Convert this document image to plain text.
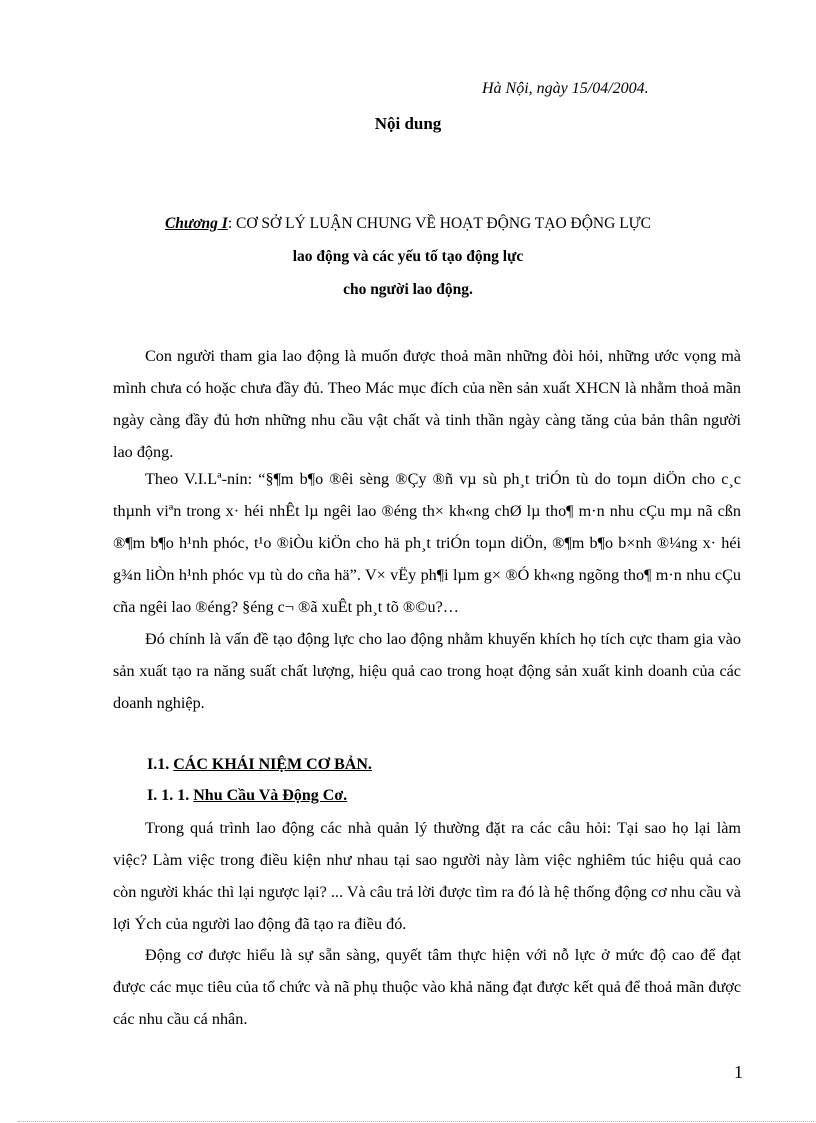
Hà Nội, ngày 15/04/2004.
Nội dung
Chương I: CƠ SỞ LÝ LUẬN CHUNG VỀ HOẠT ĐỘNG TẠO ĐỘNG LỰC
lao động và các yếu tố tạo động lực
cho người lao động.

Con người tham gia lao động là muốn được thoả mãn những đòi hỏi, những ước vọng mà mình chưa có hoặc chưa đầy đủ. Theo Mác mục đích của nền sản xuất XHCN là nhằm thoả mãn ngày càng đầy đủ hơn những nhu cầu vật chất và tinh thần ngày càng tăng của bản thân người lao động.

Theo V.I.Lª-nin: “§¶m b¶o ®êi sèng ®Çy ®ñ vµ sù ph¸t triÓn tù do toµn diÖn cho c¸c thµnh viªn trong x· héi nhÊt lµ ngêi lao ®éng th× kh«ng chØ lµ tho¶ m·n nhu cÇu mµ nã cßn ®¶m b¶o h¹nh phóc, t¹o ®iÒu kiÖn cho hä ph¸t triÓn toµn diÖn, ®¶m b¶o b×nh ®¼ng x· héi g¾n liÒn h¹nh phóc vµ tù do cña hä”. V× vËy ph¶i lµm g× ®Ó kh«ng ngõng tho¶ m·n nhu cÇu cña ngêi lao ®éng? §éng c¬ ®ã xuÊt ph¸t tõ ®©u?…

Đó chính là vấn đề tạo động lực cho lao động nhằm khuyến khích họ tích cực tham gia vào sản xuất tạo ra năng suất chất lượng, hiệu quả cao trong hoạt động sản xuất kinh doanh của các doanh nghiệp.

I.1. CÁC KHÁI NIỆM CƠ BẢN.
I. 1. 1. Nhu Cầu Và Động Cơ.

Trong quá trình lao động các nhà quản lý thường đặt ra các câu hỏi: Tại sao họ lại làm việc? Làm việc trong điều kiện như nhau tại sao người này làm việc nghiêm túc hiệu quả cao còn người khác thì lại ngược lại? ... Và câu trả lời được tìm ra đó là hệ thống động cơ nhu cầu và lợi Ých của người lao động đã tạo ra điều đó.

Động cơ được hiểu là sự sẵn sàng, quyết tâm thực hiện với nỗ lực ở mức độ cao để đạt được các mục tiêu của tổ chức và nã phụ thuộc vào khả năng đạt được kết quả để thoả mãn được các nhu cầu cá nhân.

1
